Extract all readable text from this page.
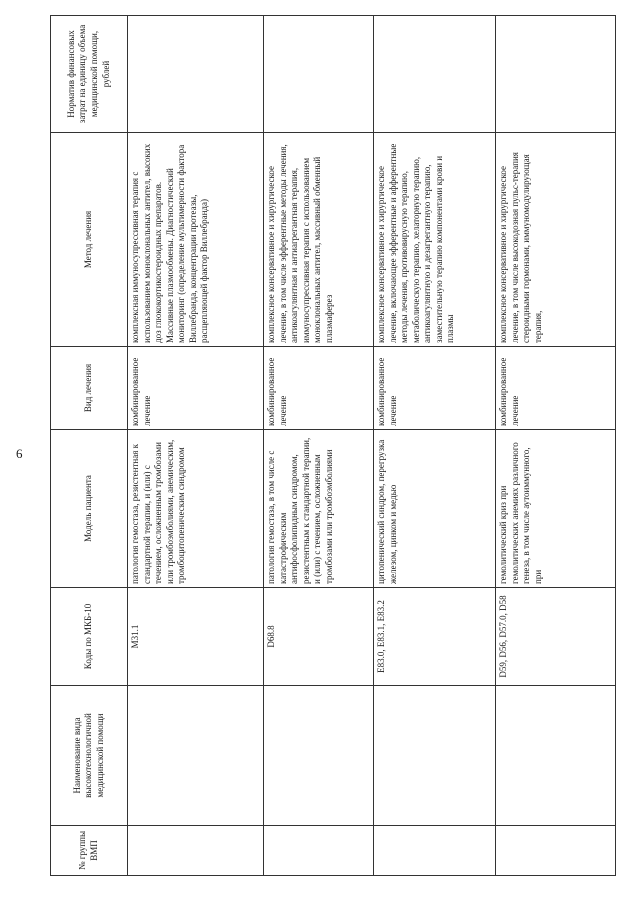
6
№ группы ВМП	Наименование вида высокотехнологичной медицинской помощи	Коды по МКБ-10	Модель пациента	Вид лечения	Метод лечения	Норматив финансовых затрат на единицу объема медицинской помощи, рублей
		M31.1	патология гемостаза, резистентная к стандартной терапии, и (или) с течением, осложненным тромбозами или тромбоэмболиями, анемическим, тромбоцитопеническим синдромом	комбинированное лечение	комплексная иммуносупрессивная терапия с использованием моноклональных антител, высоких доз глюкокортикостероидных препаратов. Массивные плазмообмены. Диагностический мониторинг (определение мультимерности фактора Виллебранда, концентрации протеазы, расщепляющей фактор Виллебранда)	
		D68.8	патология гемостаза, в том числе с катастрофическим антифосфолипидным синдромом, резистентным к стандартной терапии, и (или) с течением, осложненным тромбозами или тромбоэмболиями	комбинированное лечение	комплексное консервативное и хирургическое лечение, в том числе эфферентные методы лечения, антикоагулянтная и антиагрегантная терапия, иммуносупрессивная терапия с использованием моноклональных антител, массивный обменный плазмаферез	
		E83.0, E83.1, E83.2	цитопенический синдром, перегрузка железом, цинком и медью	комбинированное лечение	комплексное консервативное и хирургическое лечение, включающее эфферентные и афферентные методы лечения, противовирусную терапию, метаболическую терапию, хелаторную терапию, антикоагулянтную и дезагрегантную терапию, заместительную терапию компонентами крови и плазмы	
		D59, D56, D57.0, D58	гемолитический криз при гемолитических анемиях различного генеза, в том числе аутоиммунного, при	комбинированное лечение	комплексное консервативное и хирургическое лечение, в том числе высокодозная пульс-терапия стероидными гормонами, иммуномодулирующая терапия,	
